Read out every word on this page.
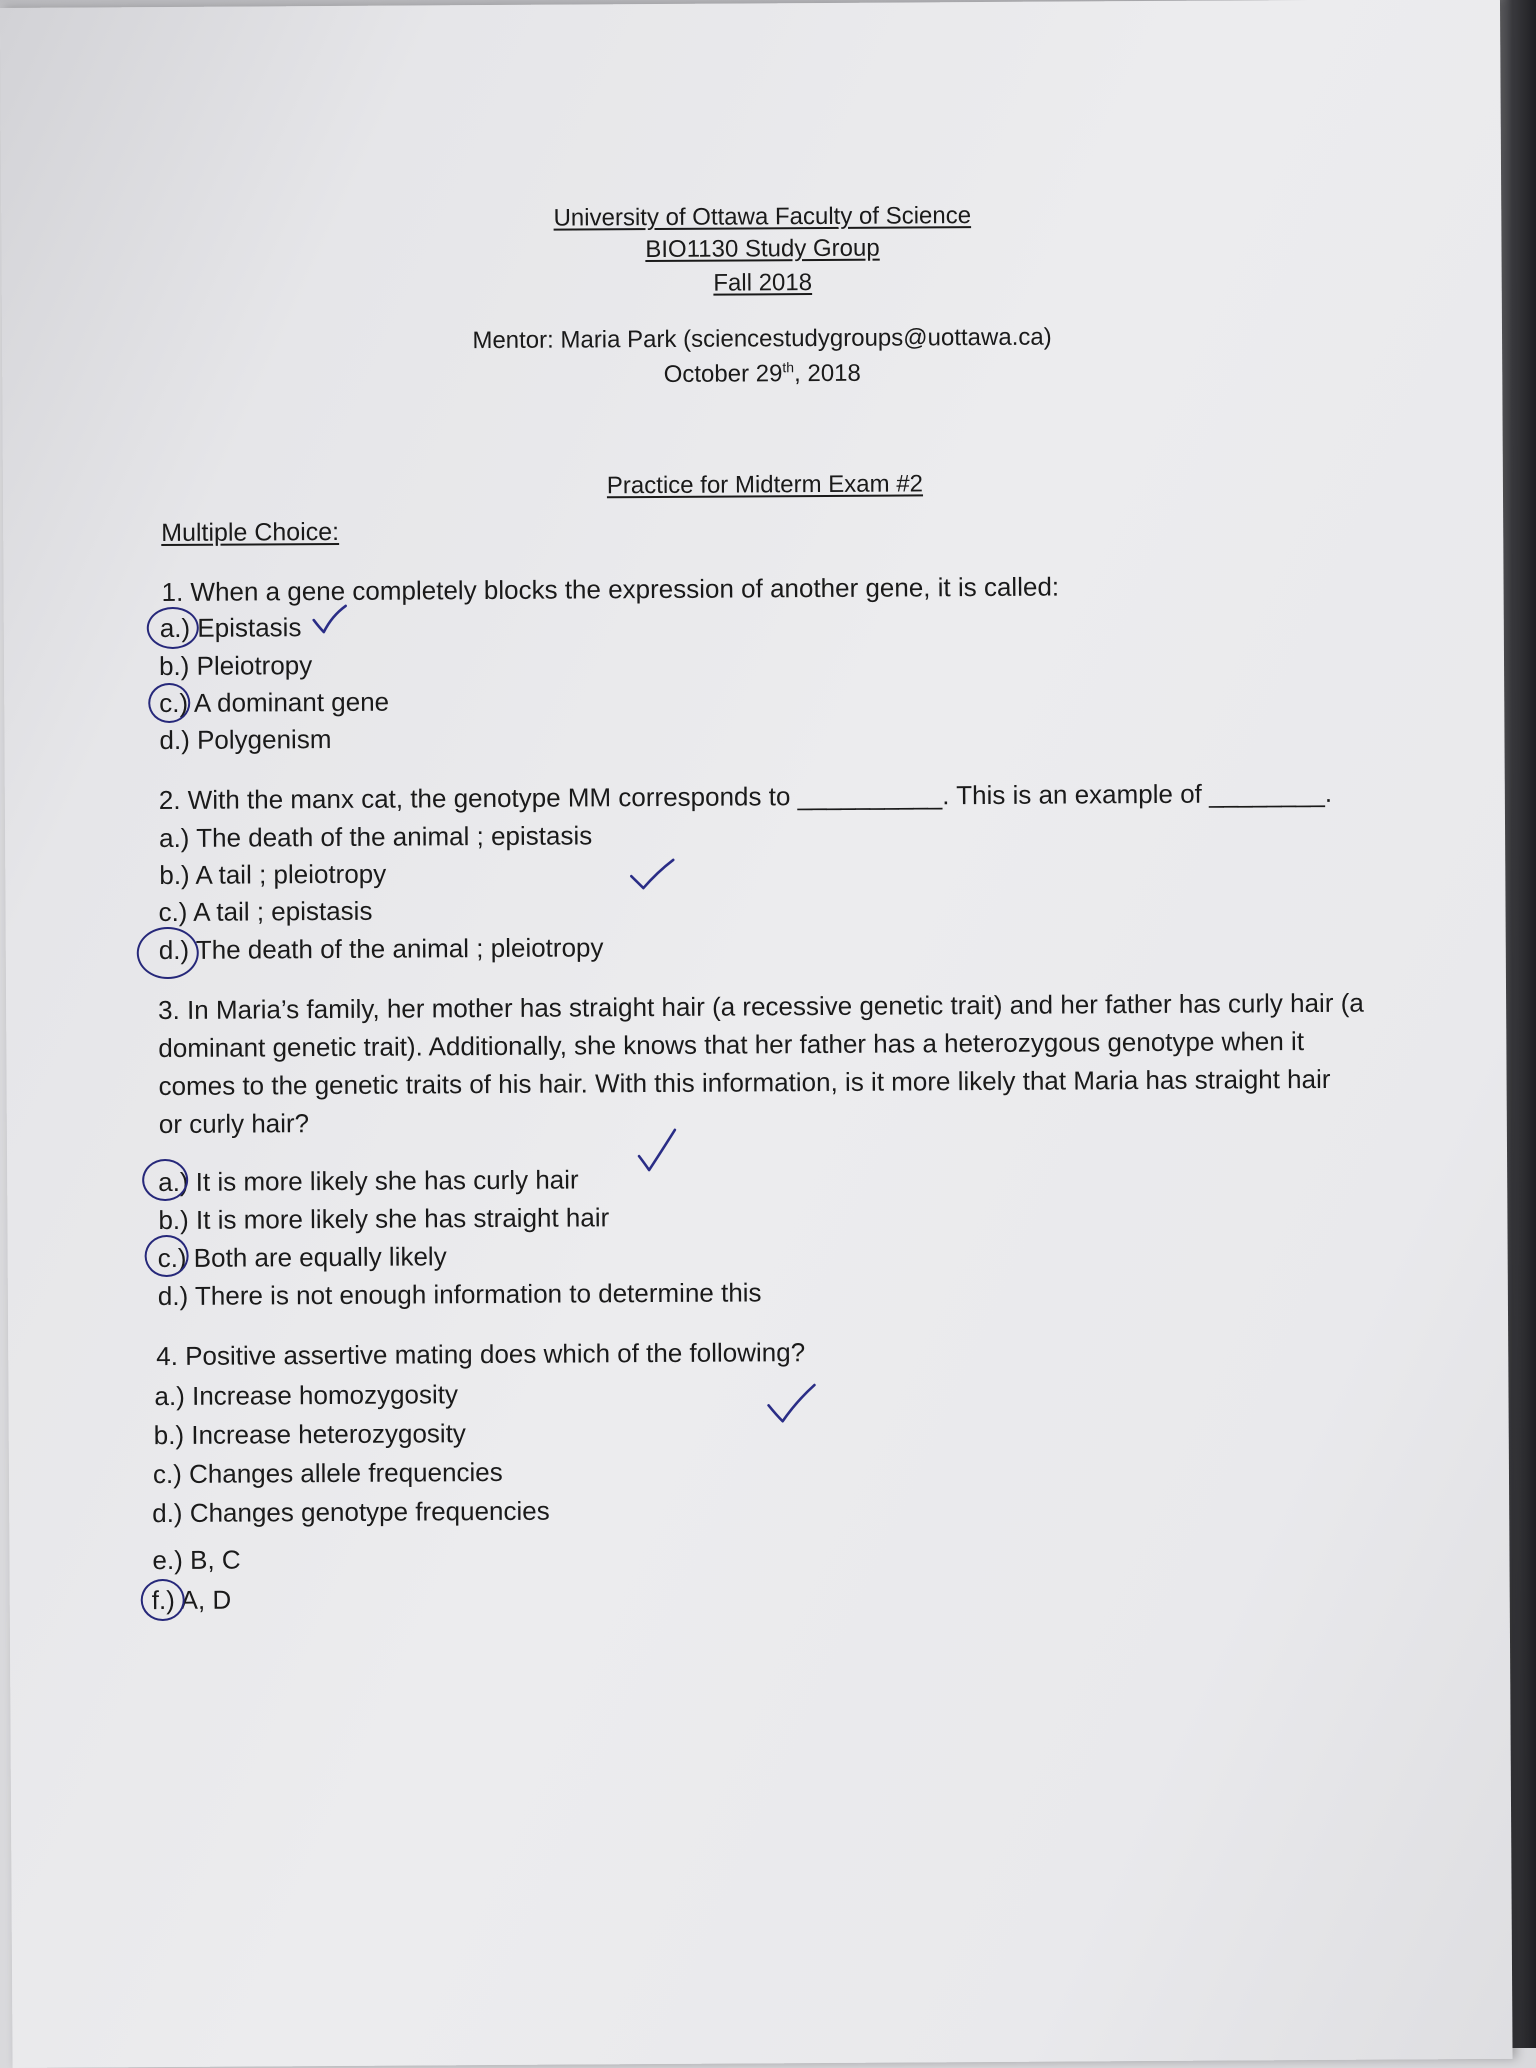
University of Ottawa Faculty of Science
BIO1130 Study Group
Fall 2018
Mentor: Maria Park (sciencestudygroups@uottawa.ca)
October 29th, 2018
Practice for Midterm Exam #2
Multiple Choice:
1. When a gene completely blocks the expression of another gene, it is called:
a.) Epistasis
b.) Pleiotropy
c.) A dominant gene
d.) Polygenism
2. With the manx cat, the genotype MM corresponds to __________. This is an example of ________.
a.) The death of the animal ; epistasis
b.) A tail ; pleiotropy
c.) A tail ; epistasis
d.) The death of the animal ; pleiotropy
3. In Maria’s family, her mother has straight hair (a recessive genetic trait) and her father has curly hair (a
dominant genetic trait). Additionally, she knows that her father has a heterozygous genotype when it
comes to the genetic traits of his hair. With this information, is it more likely that Maria has straight hair
or curly hair?
a.) It is more likely she has curly hair
b.) It is more likely she has straight hair
c.) Both are equally likely
d.) There is not enough information to determine this
4. Positive assertive mating does which of the following?
a.) Increase homozygosity
b.) Increase heterozygosity
c.) Changes allele frequencies
d.) Changes genotype frequencies
e.) B, C
f.) A, D
